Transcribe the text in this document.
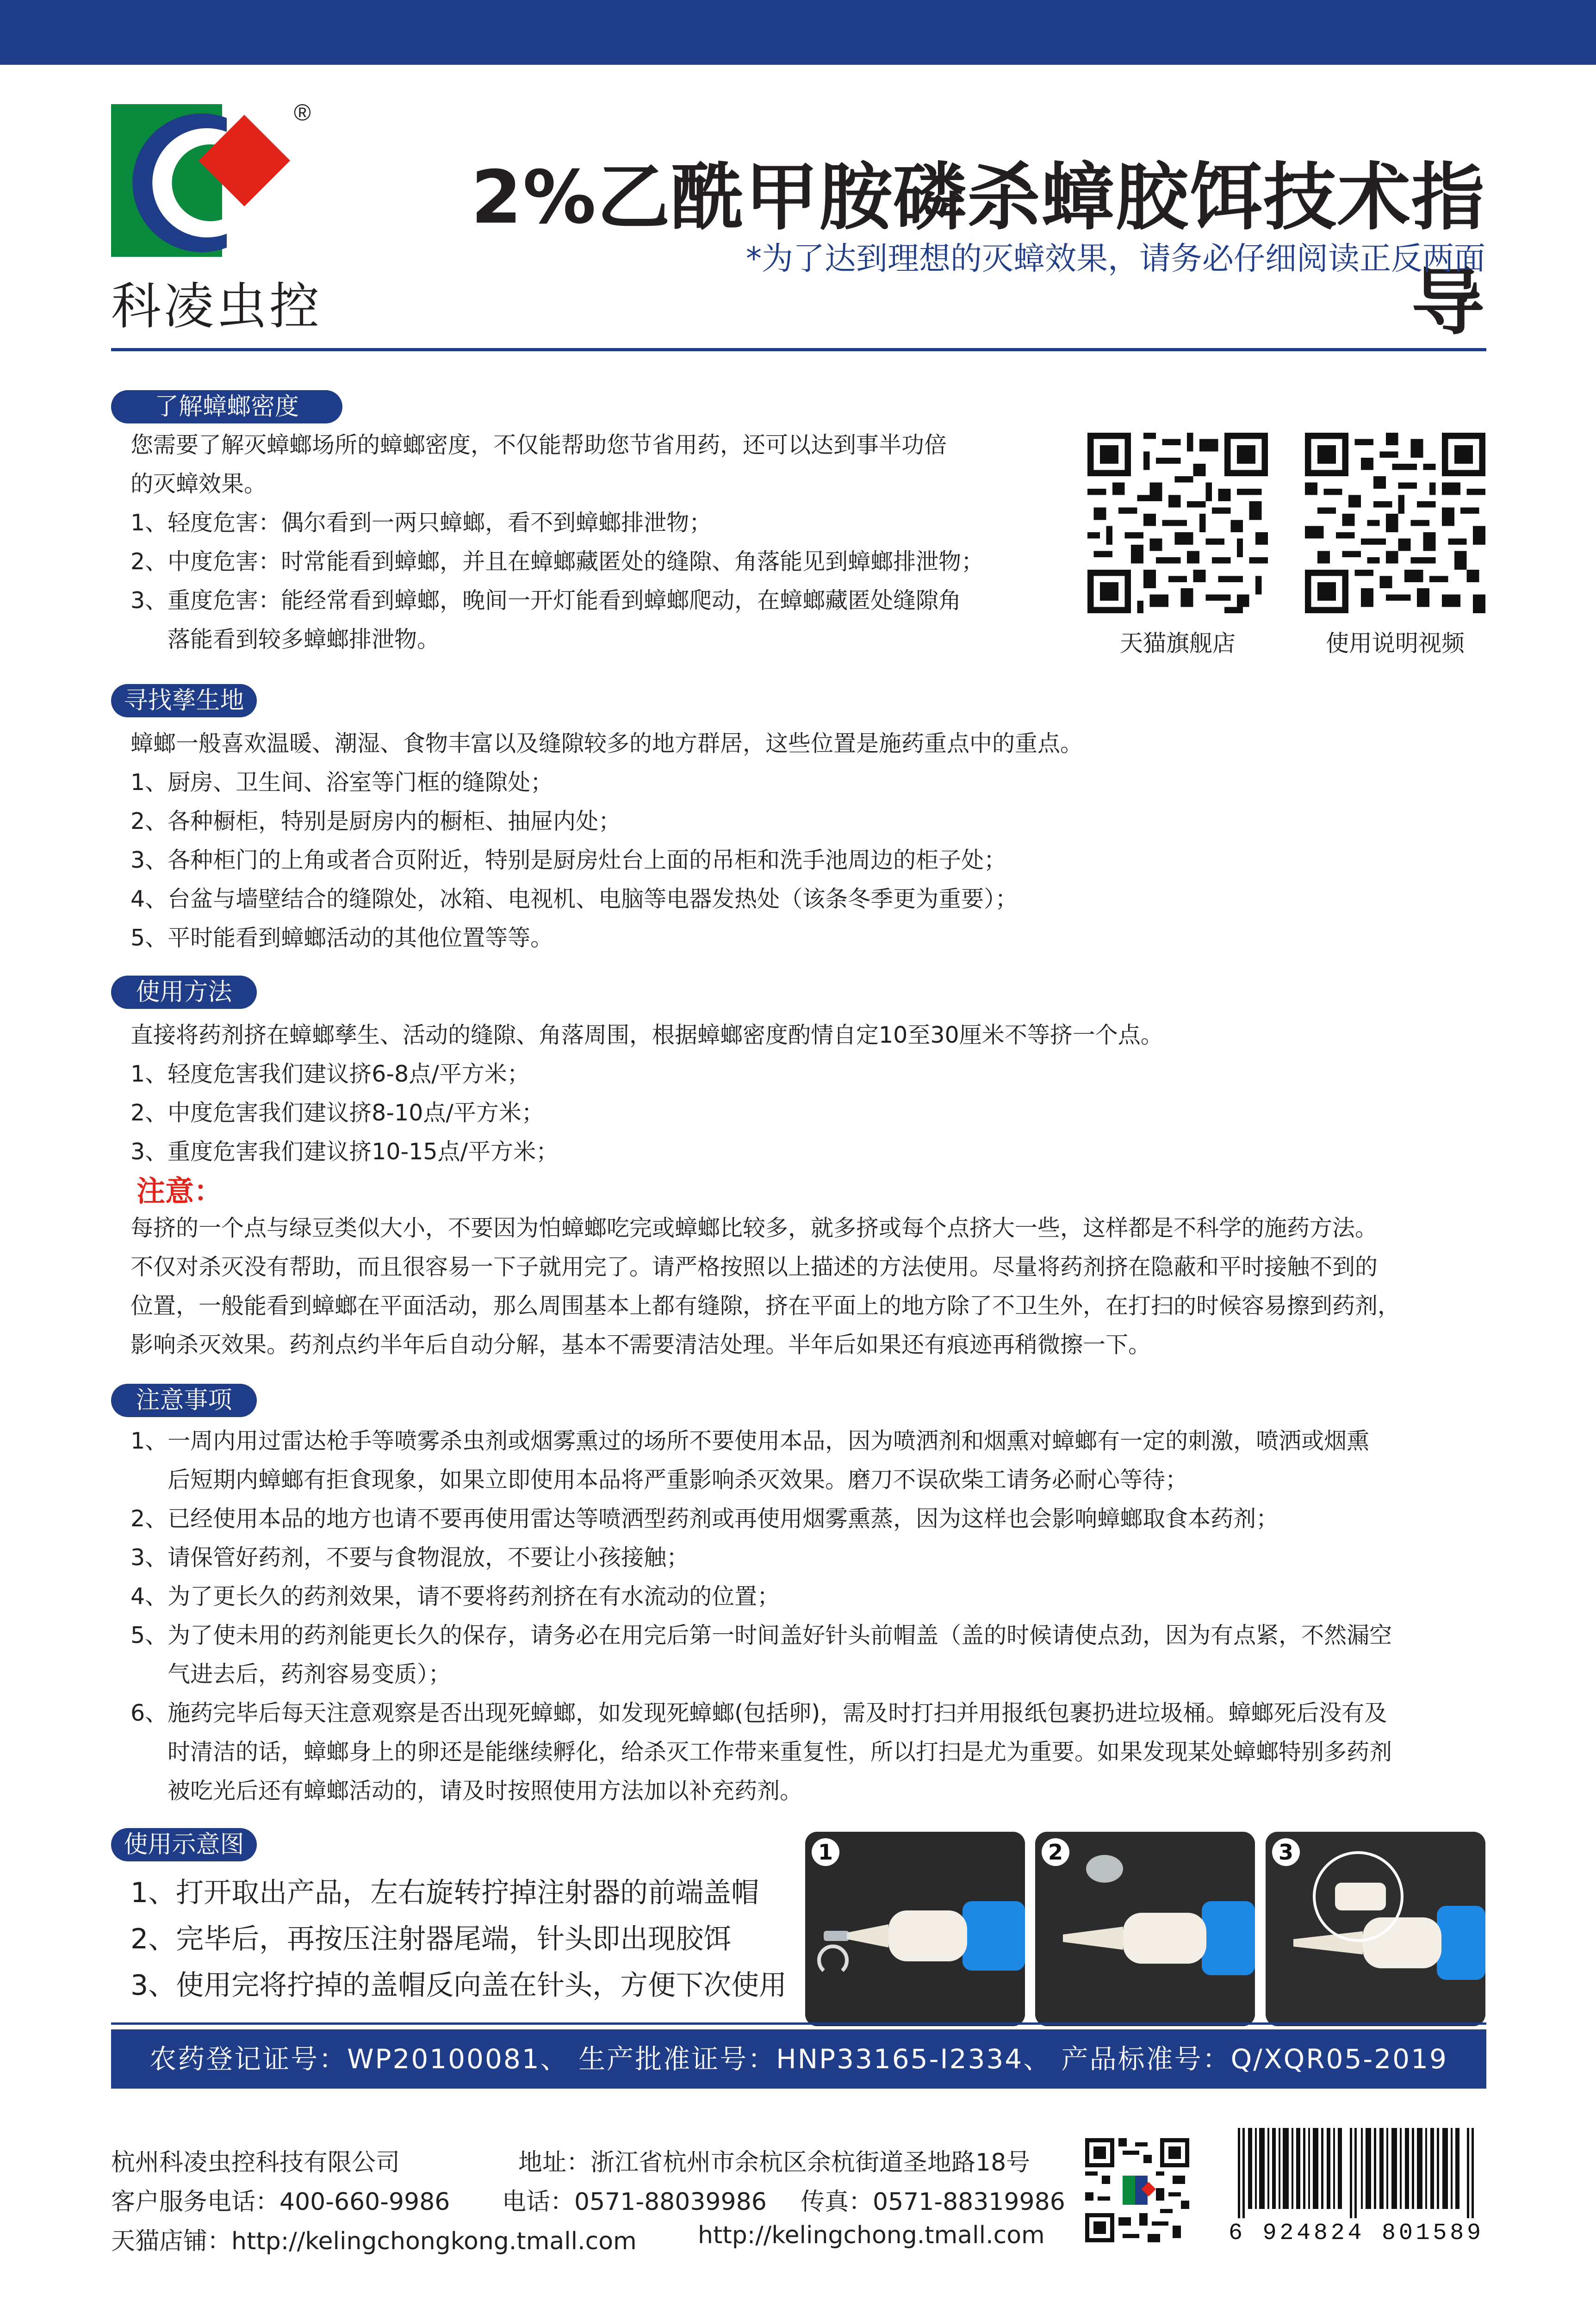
®
科凌虫控
2%乙酰甲胺磷杀蟑胶饵技术指导
*为了达到理想的灭蟑效果，请务必仔细阅读正反两面
了解蟑螂密度
您需要了解灭蟑螂场所的蟑螂密度，不仅能帮助您节省用药，还可以达到事半功倍
的灭蟑效果。
1、轻度危害：偶尔看到一两只蟑螂，看不到蟑螂排泄物；
2、中度危害：时常能看到蟑螂，并且在蟑螂藏匿处的缝隙、角落能见到蟑螂排泄物；
3、重度危害：能经常看到蟑螂，晚间一开灯能看到蟑螂爬动，在蟑螂藏匿处缝隙角
落能看到较多蟑螂排泄物。	天猫旗舰店	使用说明视频
寻找孳生地
蟑螂一般喜欢温暖、潮湿、食物丰富以及缝隙较多的地方群居，这些位置是施药重点中的重点。
1、厨房、卫生间、浴室等门框的缝隙处；
2、各种橱柜，特别是厨房内的橱柜、抽屉内处；
3、各种柜门的上角或者合页附近，特别是厨房灶台上面的吊柜和洗手池周边的柜子处；
4、台盆与墙壁结合的缝隙处，冰箱、电视机、电脑等电器发热处（该条冬季更为重要）；
5、平时能看到蟑螂活动的其他位置等等。
使用方法
直接将药剂挤在蟑螂孳生、活动的缝隙、角落周围，根据蟑螂密度酌情自定10至30厘米不等挤一个点。
1、轻度危害我们建议挤6-8点/平方米；
2、中度危害我们建议挤8-10点/平方米；
3、重度危害我们建议挤10-15点/平方米；
注意：
每挤的一个点与绿豆类似大小，不要因为怕蟑螂吃完或蟑螂比较多，就多挤或每个点挤大一些，这样都是不科学的施药方法。
不仅对杀灭没有帮助，而且很容易一下子就用完了。请严格按照以上描述的方法使用。尽量将药剂挤在隐蔽和平时接触不到的
位置，一般能看到蟑螂在平面活动，那么周围基本上都有缝隙，挤在平面上的地方除了不卫生外，在打扫的时候容易擦到药剂，
影响杀灭效果。药剂点约半年后自动分解，基本不需要清洁处理。半年后如果还有痕迹再稍微擦一下。
注意事项
1、一周内用过雷达枪手等喷雾杀虫剂或烟雾熏过的场所不要使用本品，因为喷洒剂和烟熏对蟑螂有一定的刺激，喷洒或烟熏
后短期内蟑螂有拒食现象，如果立即使用本品将严重影响杀灭效果。磨刀不误砍柴工请务必耐心等待；
2、已经使用本品的地方也请不要再使用雷达等喷洒型药剂或再使用烟雾熏蒸，因为这样也会影响蟑螂取食本药剂；
3、请保管好药剂，不要与食物混放，不要让小孩接触；
4、为了更长久的药剂效果，请不要将药剂挤在有水流动的位置；
5、为了使未用的药剂能更长久的保存，请务必在用完后第一时间盖好针头前帽盖（盖的时候请使点劲，因为有点紧，不然漏空
气进去后，药剂容易变质）；
6、施药完毕后每天注意观察是否出现死蟑螂，如发现死蟑螂(包括卵)，需及时打扫并用报纸包裹扔进垃圾桶。蟑螂死后没有及
时清洁的话，蟑螂身上的卵还是能继续孵化，给杀灭工作带来重复性，所以打扫是尤为重要。如果发现某处蟑螂特别多药剂
被吃光后还有蟑螂活动的，请及时按照使用方法加以补充药剂。
使用示意图
1、打开取出产品，左右旋转拧掉注射器的前端盖帽
2、完毕后，再按压注射器尾端，针头即出现胶饵
3、使用完将拧掉的盖帽反向盖在针头，方便下次使用
1	2	3
农药登记证号：WP20100081、 生产批准证号：HNP33165-I2334、 产品标准号：Q/XQR05-2019
杭州科凌虫控科技有限公司	地址：浙江省杭州市余杭区余杭街道圣地路18号
客户服务电话：400-660-9986 电话：0571-88039986 传真：0571-88319986
天猫店铺：http://kelingchongkong.tmall.com	http://kelingchong.tmall.com	6 924824 801589
